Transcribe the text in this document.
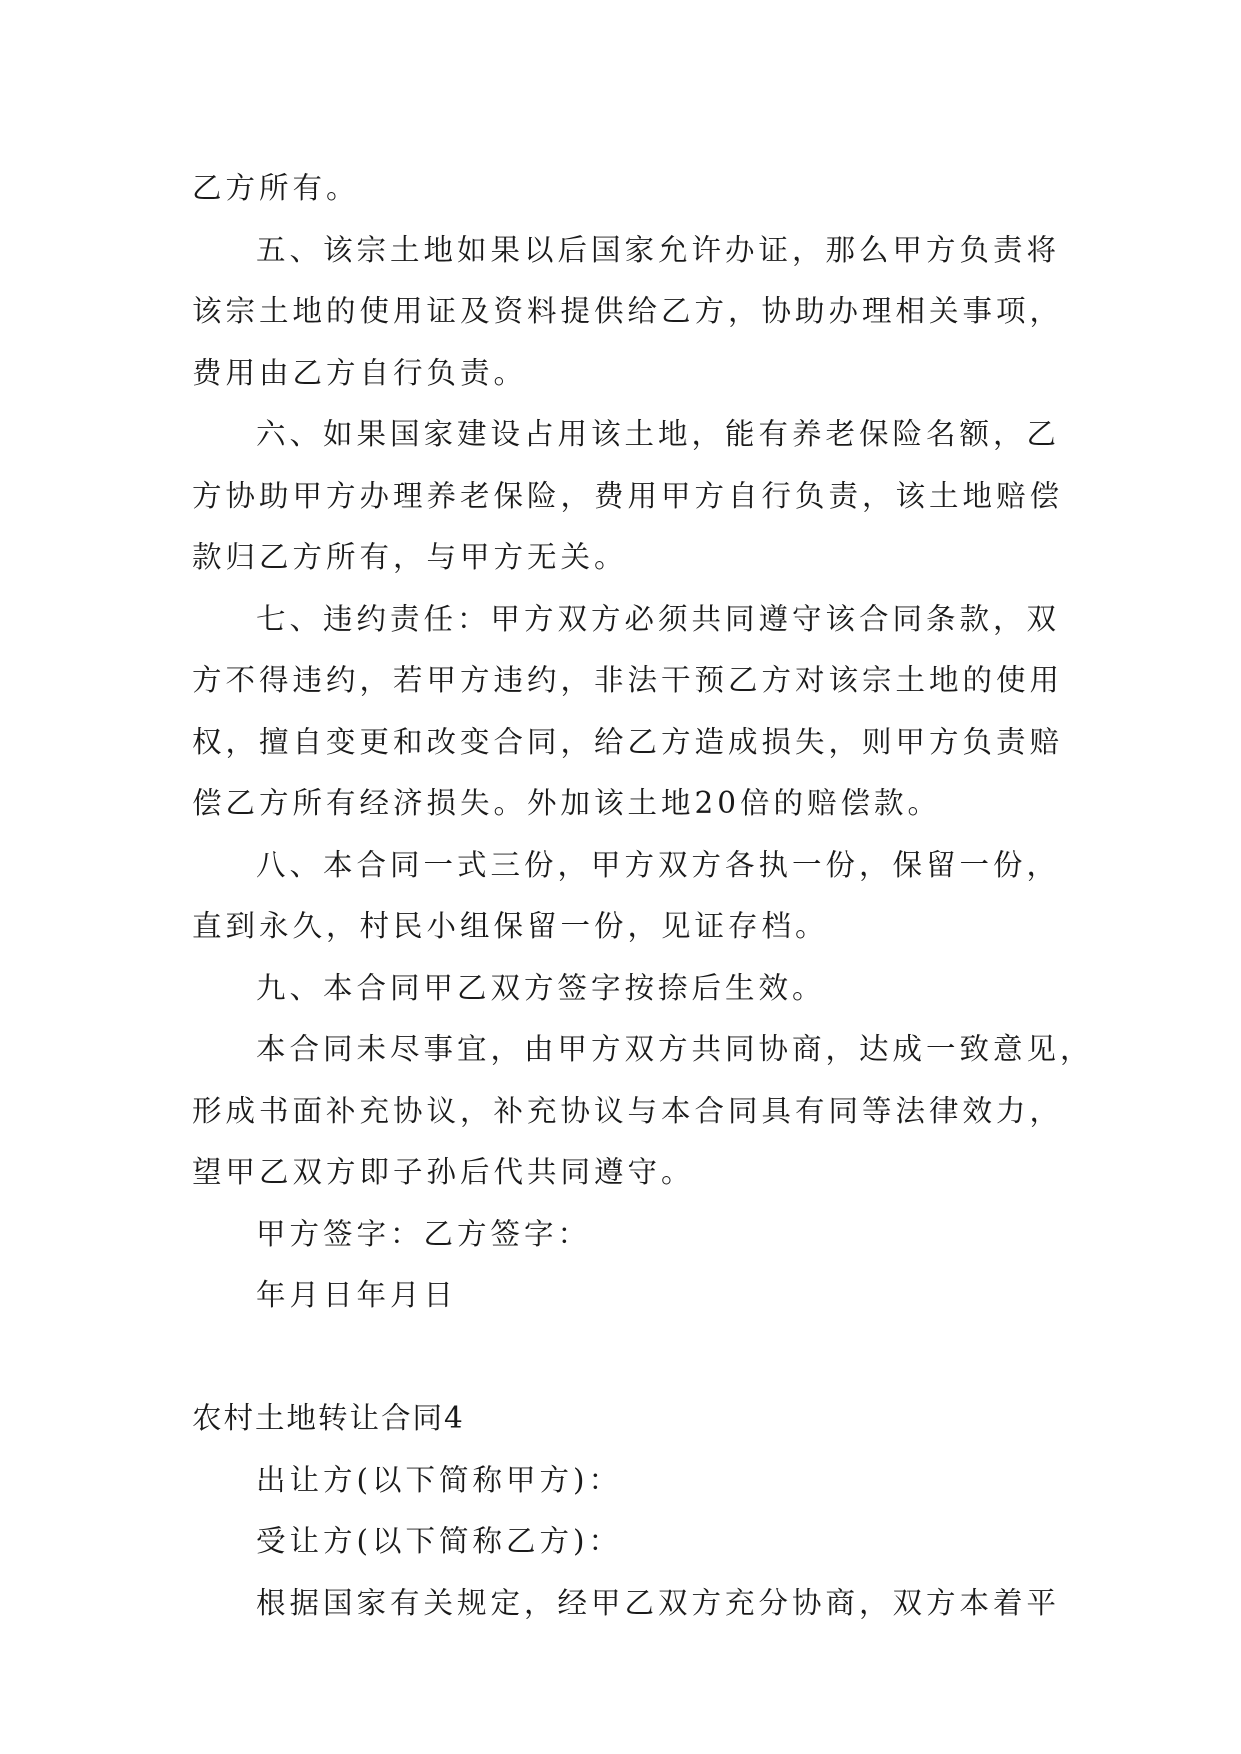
乙方所有。
五、该宗土地如果以后国家允许办证，那么甲方负责将
该宗土地的使用证及资料提供给乙方，协助办理相关事项，
费用由乙方自行负责。
六、如果国家建设占用该土地，能有养老保险名额，乙
方协助甲方办理养老保险，费用甲方自行负责，该土地赔偿
款归乙方所有，与甲方无关。
七、违约责任：甲方双方必须共同遵守该合同条款，双
方不得违约，若甲方违约，非法干预乙方对该宗土地的使用
权，擅自变更和改变合同，给乙方造成损失，则甲方负责赔
偿乙方所有经济损失。外加该土地20倍的赔偿款。
八、本合同一式三份，甲方双方各执一份，保留一份，
直到永久，村民小组保留一份，见证存档。
九、本合同甲乙双方签字按捺后生效。
本合同未尽事宜，由甲方双方共同协商，达成一致意见，
形成书面补充协议，补充协议与本合同具有同等法律效力，
望甲乙双方即子孙后代共同遵守。
甲方签字：乙方签字：
年月日年月日
农村土地转让合同4
出让方(以下简称甲方)：
受让方(以下简称乙方)：
根据国家有关规定，经甲乙双方充分协商，双方本着平
